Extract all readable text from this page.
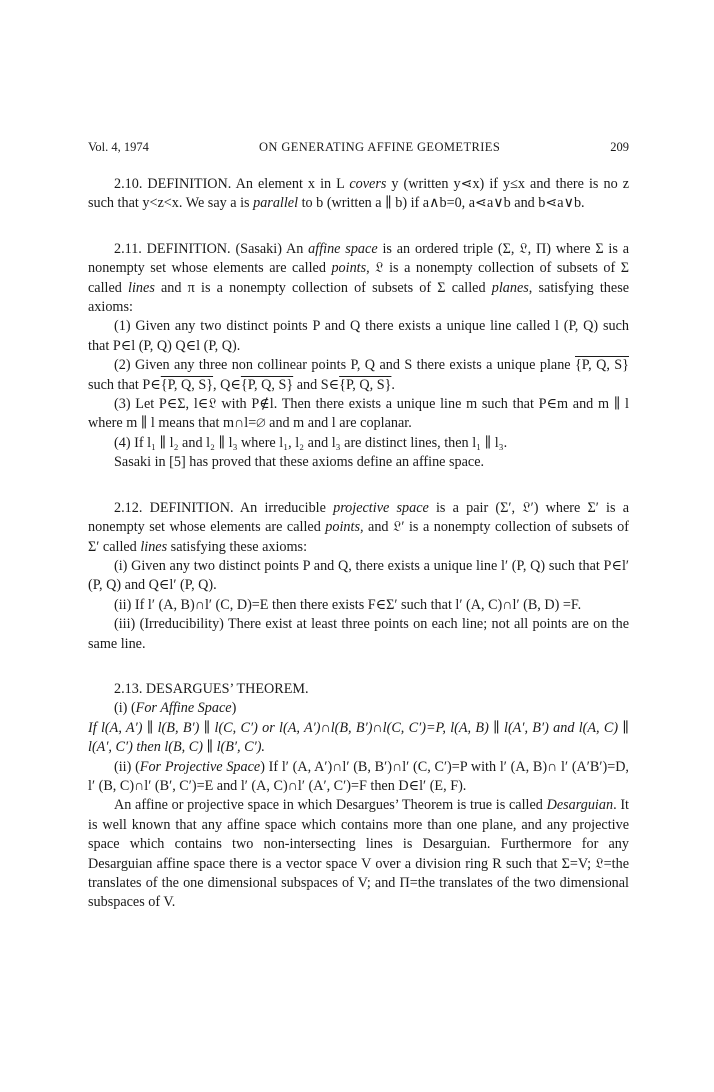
Vol. 4, 1974	ON GENERATING AFFINE GEOMETRIES	209

2.10. DEFINITION. An element x in L covers y (written y⋖x) if y≤x and there is no z such that y<z<x. We say a is parallel to b (written a ∥ b) if a∧b=0, a⋖a∨b and b⋖a∨b.

2.11. DEFINITION. (Sasaki) An affine space is an ordered triple (Σ, 𝔏, Π) where Σ is a nonempty set whose elements are called points, 𝔏 is a nonempty collection of subsets of Σ called lines and π is a nonempty collection of subsets of Σ called planes, satisfying these axioms:

(1) Given any two distinct points P and Q there exists a unique line called l (P, Q) such that P∈l (P, Q) Q∈l (P, Q).

(2) Given any three non collinear points P, Q and S there exists a unique plane {P, Q, S} such that P∈{P, Q, S}, Q∈{P, Q, S} and S∈{P, Q, S}.

(3) Let P∈Σ, l∈𝔏 with P∉l. Then there exists a unique line m such that P∈m and m ∥ l where m ∥ l means that m∩l=∅ and m and l are coplanar.

(4) If l₁ ∥ l₂ and l₂ ∥ l₃ where l₁, l₂ and l₃ are distinct lines, then l₁ ∥ l₃.

Sasaki in [5] has proved that these axioms define an affine space.

2.12. DEFINITION. An irreducible projective space is a pair (Σ′, 𝔏′) where Σ′ is a nonempty set whose elements are called points, and 𝔏′ is a nonempty collection of subsets of Σ′ called lines satisfying these axioms:

(i) Given any two distinct points P and Q, there exists a unique line l′ (P, Q) such that P∈l′ (P, Q) and Q∈l′ (P, Q).

(ii) If l′ (A, B)∩l′ (C, D)=E then there exists F∈Σ′ such that l′ (A, C)∩l′ (B, D) =F.

(iii) (Irreducibility) There exist at least three points on each line; not all points are on the same line.

2.13. DESARGUES’ THEOREM.

(i) (For Affine Space)

If l(A, A′) ∥ l(B, B′) ∥ l(C, C′) or l(A, A′)∩l(B, B′)∩l(C, C′)=P, l(A, B) ∥ l(A′, B′) and l(A, C) ∥ l(A′, C′) then l(B, C) ∥ l(B′, C′).

(ii) (For Projective Space) If l′ (A, A′)∩l′ (B, B′)∩l′ (C, C′)=P with l′ (A, B)∩ l′ (A′B′)=D, l′ (B, C)∩l′ (B′, C′)=E and l′ (A, C)∩l′ (A′, C′)=F then D∈l′ (E, F).

An affine or projective space in which Desargues’ Theorem is true is called Desarguian. It is well known that any affine space which contains more than one plane, and any projective space which contains two non-intersecting lines is Desarguian. Furthermore for any Desarguian affine space there is a vector space V over a division ring R such that Σ=V; 𝔏=the translates of the one dimensional subspaces of V; and Π=the translates of the two dimensional subspaces of V.
